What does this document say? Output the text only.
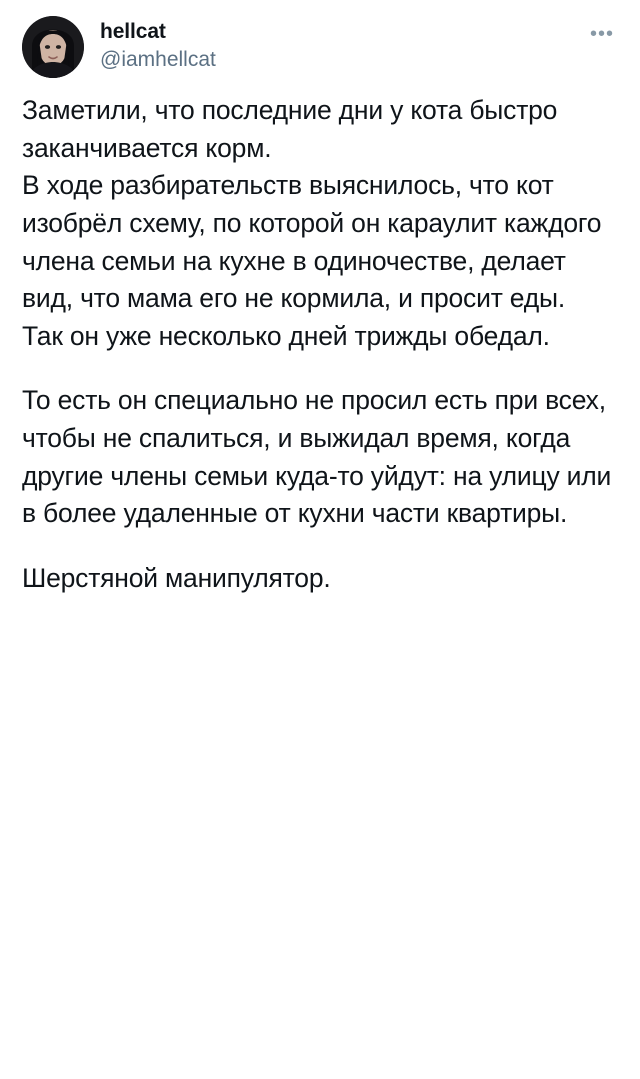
hellcat
@iamhellcat
•••

Заметили, что последние дни у кота быстро заканчивается корм.

В ходе разбирательств выяснилось, что кот изобрёл схему, по которой он караулит каждого члена семьи на кухне в одиночестве, делает вид, что мама его не кормила, и просит еды. Так он уже несколько дней трижды обедал.

То есть он специально не просил есть при всех, чтобы не спалиться, и выжидал время, когда другие члены семьи куда-то уйдут: на улицу или в более удаленные от кухни части квартиры.

Шерстяной манипулятор.
